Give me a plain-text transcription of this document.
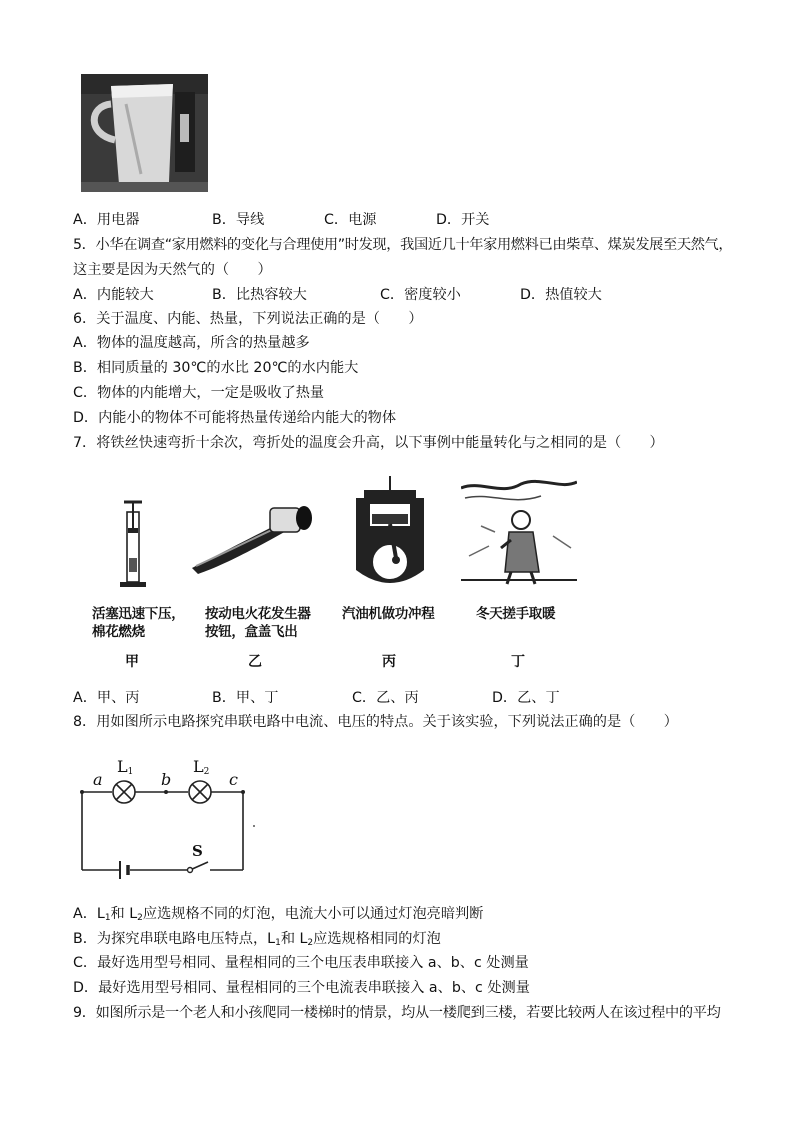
A．用电器	B．导线	C．电源	D．开关
5．小华在调查“家用燃料的变化与合理使用”时发现，我国近几十年家用燃料已由柴草、煤炭发展至天然气，
这主要是因为天然气的（　　）
A．内能较大	B．比热容较大	C．密度较小	D．热值较大
6．关于温度、内能、热量，下列说法正确的是（　　）
A．物体的温度越高，所含的热量越多
B．相同质量的 30℃的水比 20℃的水内能大
C．物体的内能增大，一定是吸收了热量
D．内能小的物体不可能将热量传递给内能大的物体
7．将铁丝快速弯折十余次，弯折处的温度会升高，以下事例中能量转化与之相同的是（　　）
活塞迅速下压，
棉花燃烧
甲
按动电火花发生器
按钮，盒盖飞出
乙
汽油机做功冲程
丙
冬天搓手取暖
丁
A．甲、丙	B．甲、丁	C．乙、丙	D．乙、丁
8．用如图所示电路探究串联电路中电流、电压的特点。关于该实验，下列说法正确的是（　　）
a	b	c
$L_1$	$L_2$
S
A．$L_1$和 $L_2$应选规格不同的灯泡，电流大小可以通过灯泡亮暗判断
B．为探究串联电路电压特点，$L_1$和 $L_2$应选规格相同的灯泡
C．最好选用型号相同、量程相同的三个电压表串联接入 a、b、c 处测量
D．最好选用型号相同、量程相同的三个电流表串联接入 a、b、c 处测量
9．如图所示是一个老人和小孩爬同一楼梯时的情景，均从一楼爬到三楼，若要比较两人在该过程中的平均
